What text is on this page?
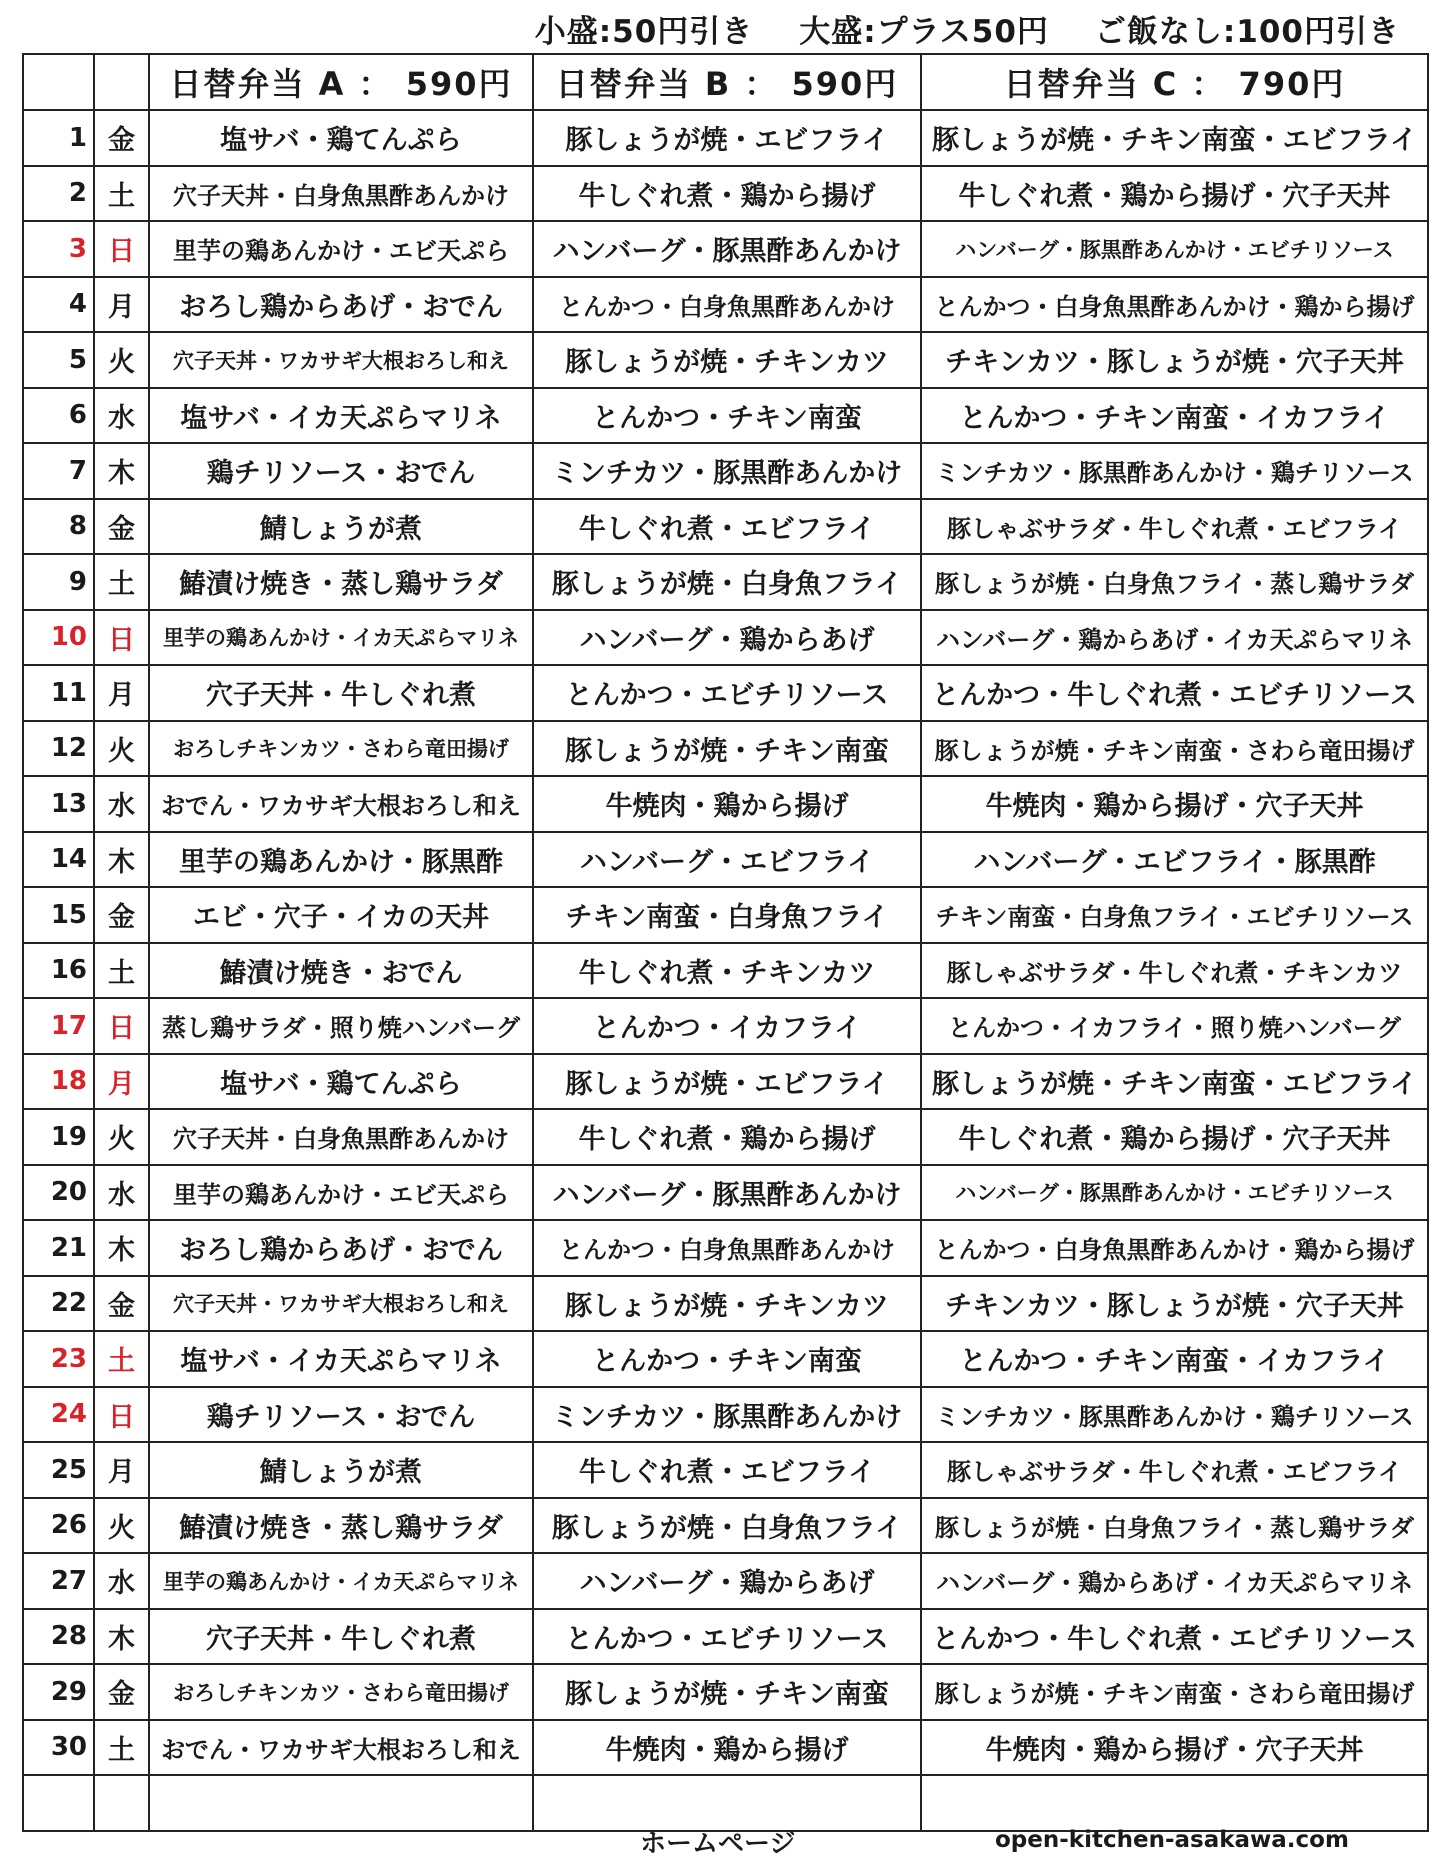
小盛:50円引き 大盛:プラス50円 ご飯なし:100円引き
		日替弁当 A ： 590円	日替弁当 B ： 590円	日替弁当 C ： 790円
1	金	塩サバ・鶏てんぷら	豚しょうが焼・エビフライ	豚しょうが焼・チキン南蛮・エビフライ
2	土	穴子天丼・白身魚黒酢あんかけ	牛しぐれ煮・鶏から揚げ	牛しぐれ煮・鶏から揚げ・穴子天丼
3	日	里芋の鶏あんかけ・エビ天ぷら	ハンバーグ・豚黒酢あんかけ	ハンバーグ・豚黒酢あんかけ・エビチリソース
4	月	おろし鶏からあげ・おでん	とんかつ・白身魚黒酢あんかけ	とんかつ・白身魚黒酢あんかけ・鶏から揚げ
5	火	穴子天丼・ワカサギ大根おろし和え	豚しょうが焼・チキンカツ	チキンカツ・豚しょうが焼・穴子天丼
6	水	塩サバ・イカ天ぷらマリネ	とんかつ・チキン南蛮	とんかつ・チキン南蛮・イカフライ
7	木	鶏チリソース・おでん	ミンチカツ・豚黒酢あんかけ	ミンチカツ・豚黒酢あんかけ・鶏チリソース
8	金	鯖しょうが煮	牛しぐれ煮・エビフライ	豚しゃぶサラダ・牛しぐれ煮・エビフライ
9	土	鰆漬け焼き・蒸し鶏サラダ	豚しょうが焼・白身魚フライ	豚しょうが焼・白身魚フライ・蒸し鶏サラダ
10	日	里芋の鶏あんかけ・イカ天ぷらマリネ	ハンバーグ・鶏からあげ	ハンバーグ・鶏からあげ・イカ天ぷらマリネ
11	月	穴子天丼・牛しぐれ煮	とんかつ・エビチリソース	とんかつ・牛しぐれ煮・エビチリソース
12	火	おろしチキンカツ・さわら竜田揚げ	豚しょうが焼・チキン南蛮	豚しょうが焼・チキン南蛮・さわら竜田揚げ
13	水	おでん・ワカサギ大根おろし和え	牛焼肉・鶏から揚げ	牛焼肉・鶏から揚げ・穴子天丼
14	木	里芋の鶏あんかけ・豚黒酢	ハンバーグ・エビフライ	ハンバーグ・エビフライ・豚黒酢
15	金	エビ・穴子・イカの天丼	チキン南蛮・白身魚フライ	チキン南蛮・白身魚フライ・エビチリソース
16	土	鰆漬け焼き・おでん	牛しぐれ煮・チキンカツ	豚しゃぶサラダ・牛しぐれ煮・チキンカツ
17	日	蒸し鶏サラダ・照り焼ハンバーグ	とんかつ・イカフライ	とんかつ・イカフライ・照り焼ハンバーグ
18	月	塩サバ・鶏てんぷら	豚しょうが焼・エビフライ	豚しょうが焼・チキン南蛮・エビフライ
19	火	穴子天丼・白身魚黒酢あんかけ	牛しぐれ煮・鶏から揚げ	牛しぐれ煮・鶏から揚げ・穴子天丼
20	水	里芋の鶏あんかけ・エビ天ぷら	ハンバーグ・豚黒酢あんかけ	ハンバーグ・豚黒酢あんかけ・エビチリソース
21	木	おろし鶏からあげ・おでん	とんかつ・白身魚黒酢あんかけ	とんかつ・白身魚黒酢あんかけ・鶏から揚げ
22	金	穴子天丼・ワカサギ大根おろし和え	豚しょうが焼・チキンカツ	チキンカツ・豚しょうが焼・穴子天丼
23	土	塩サバ・イカ天ぷらマリネ	とんかつ・チキン南蛮	とんかつ・チキン南蛮・イカフライ
24	日	鶏チリソース・おでん	ミンチカツ・豚黒酢あんかけ	ミンチカツ・豚黒酢あんかけ・鶏チリソース
25	月	鯖しょうが煮	牛しぐれ煮・エビフライ	豚しゃぶサラダ・牛しぐれ煮・エビフライ
26	火	鰆漬け焼き・蒸し鶏サラダ	豚しょうが焼・白身魚フライ	豚しょうが焼・白身魚フライ・蒸し鶏サラダ
27	水	里芋の鶏あんかけ・イカ天ぷらマリネ	ハンバーグ・鶏からあげ	ハンバーグ・鶏からあげ・イカ天ぷらマリネ
28	木	穴子天丼・牛しぐれ煮	とんかつ・エビチリソース	とんかつ・牛しぐれ煮・エビチリソース
29	金	おろしチキンカツ・さわら竜田揚げ	豚しょうが焼・チキン南蛮	豚しょうが焼・チキン南蛮・さわら竜田揚げ
30	土	おでん・ワカサギ大根おろし和え	牛焼肉・鶏から揚げ	牛焼肉・鶏から揚げ・穴子天丼

ホームページ	open-kitchen-asakawa.com
